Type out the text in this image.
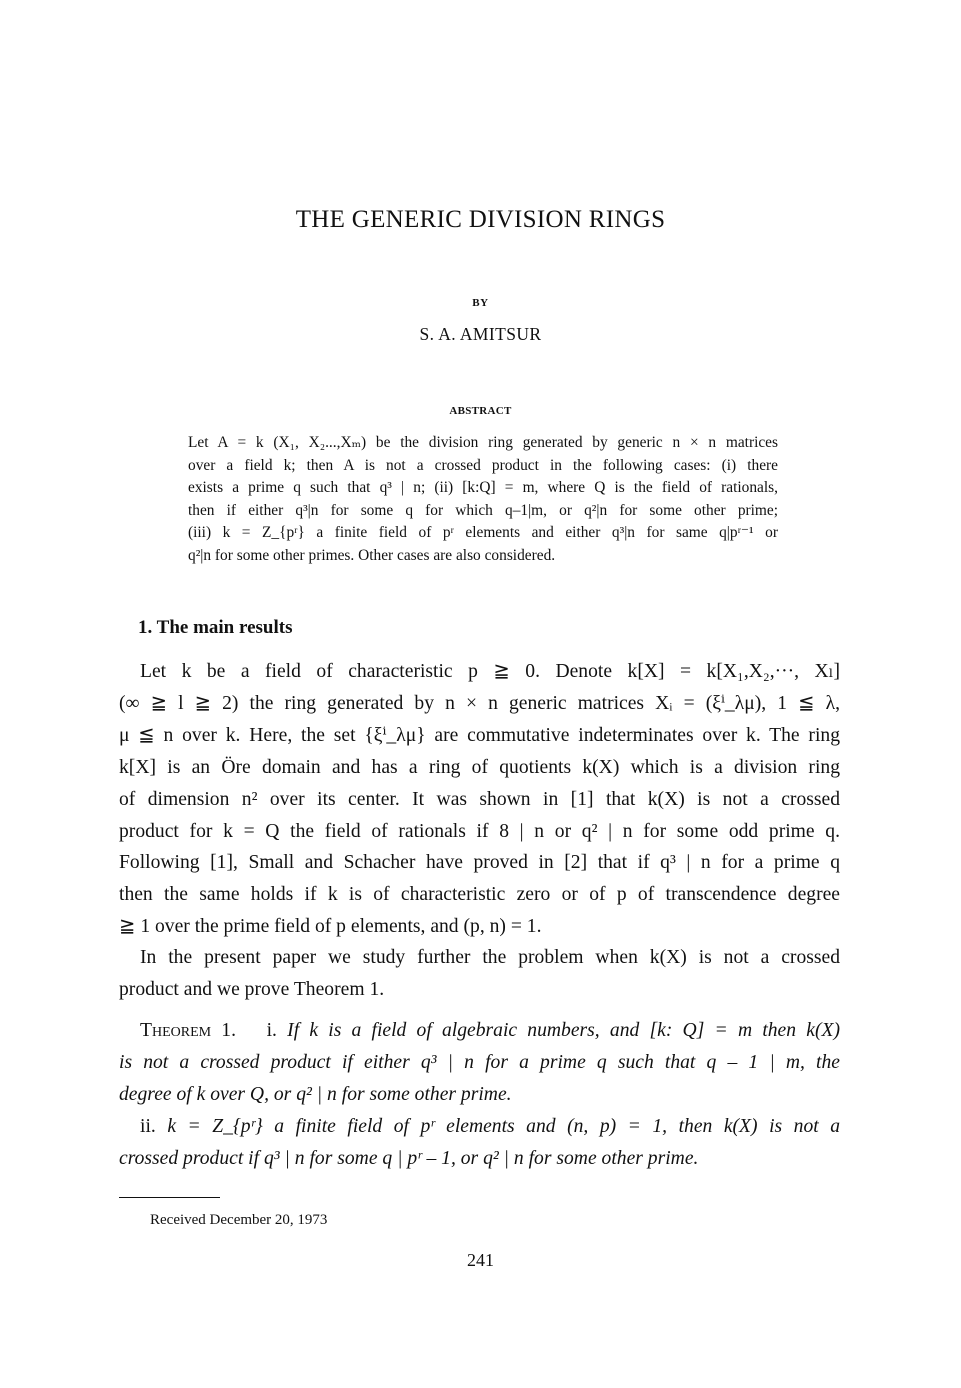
THE GENERIC DIVISION RINGS
BY
S. A. AMITSUR
ABSTRACT
Let A = k (X₁, X₂...,Xₘ) be the division ring generated by generic n × n matrices
over a field k; then A is not a crossed product in the following cases: (i) there
exists a prime q such that q³ | n; (ii) [k:Q] = m, where Q is the field of rationals,
then if either q³|n for some q for which q–1|m, or q²|n for some other prime;
(iii) k = Z_{pʳ} a finite field of pʳ elements and either q³|n for same q|pʳ⁻¹ or
q²|n for some other primes. Other cases are also considered.
1. The main results
Let k be a field of characteristic p ≧ 0. Denote k[X] = k[X₁,X₂,···, Xₗ]
(∞ ≧ l ≧ 2) the ring generated by n × n generic matrices Xᵢ = (ξⁱ_λμ), 1 ≦ λ,
μ ≦ n over k. Here, the set {ξⁱ_λμ} are commutative indeterminates over k. The ring
k[X] is an Öre domain and has a ring of quotients k(X) which is a division ring
of dimension n² over its center. It was shown in [1] that k(X) is not a crossed
product for k = Q the field of rationals if 8 | n or q² | n for some odd prime q.
Following [1], Small and Schacher have proved in [2] that if q³ | n for a prime q
then the same holds if k is of characteristic zero or of p of transcendence degree
≧ 1 over the prime field of p elements, and (p, n) = 1.
In the present paper we study further the problem when k(X) is not a crossed
product and we prove Theorem 1.
Theorem 1. i. If k is a field of algebraic numbers, and [k: Q] = m then k(X)
is not a crossed product if either q³ | n for a prime q such that q – 1 | m, the
degree of k over Q, or q² | n for some other prime.
ii. k = Z_{pʳ} a finite field of pʳ elements and (n, p) = 1, then k(X) is not a
crossed product if q³ | n for some q | pʳ – 1, or q² | n for some other prime.
Received December 20, 1973
241
